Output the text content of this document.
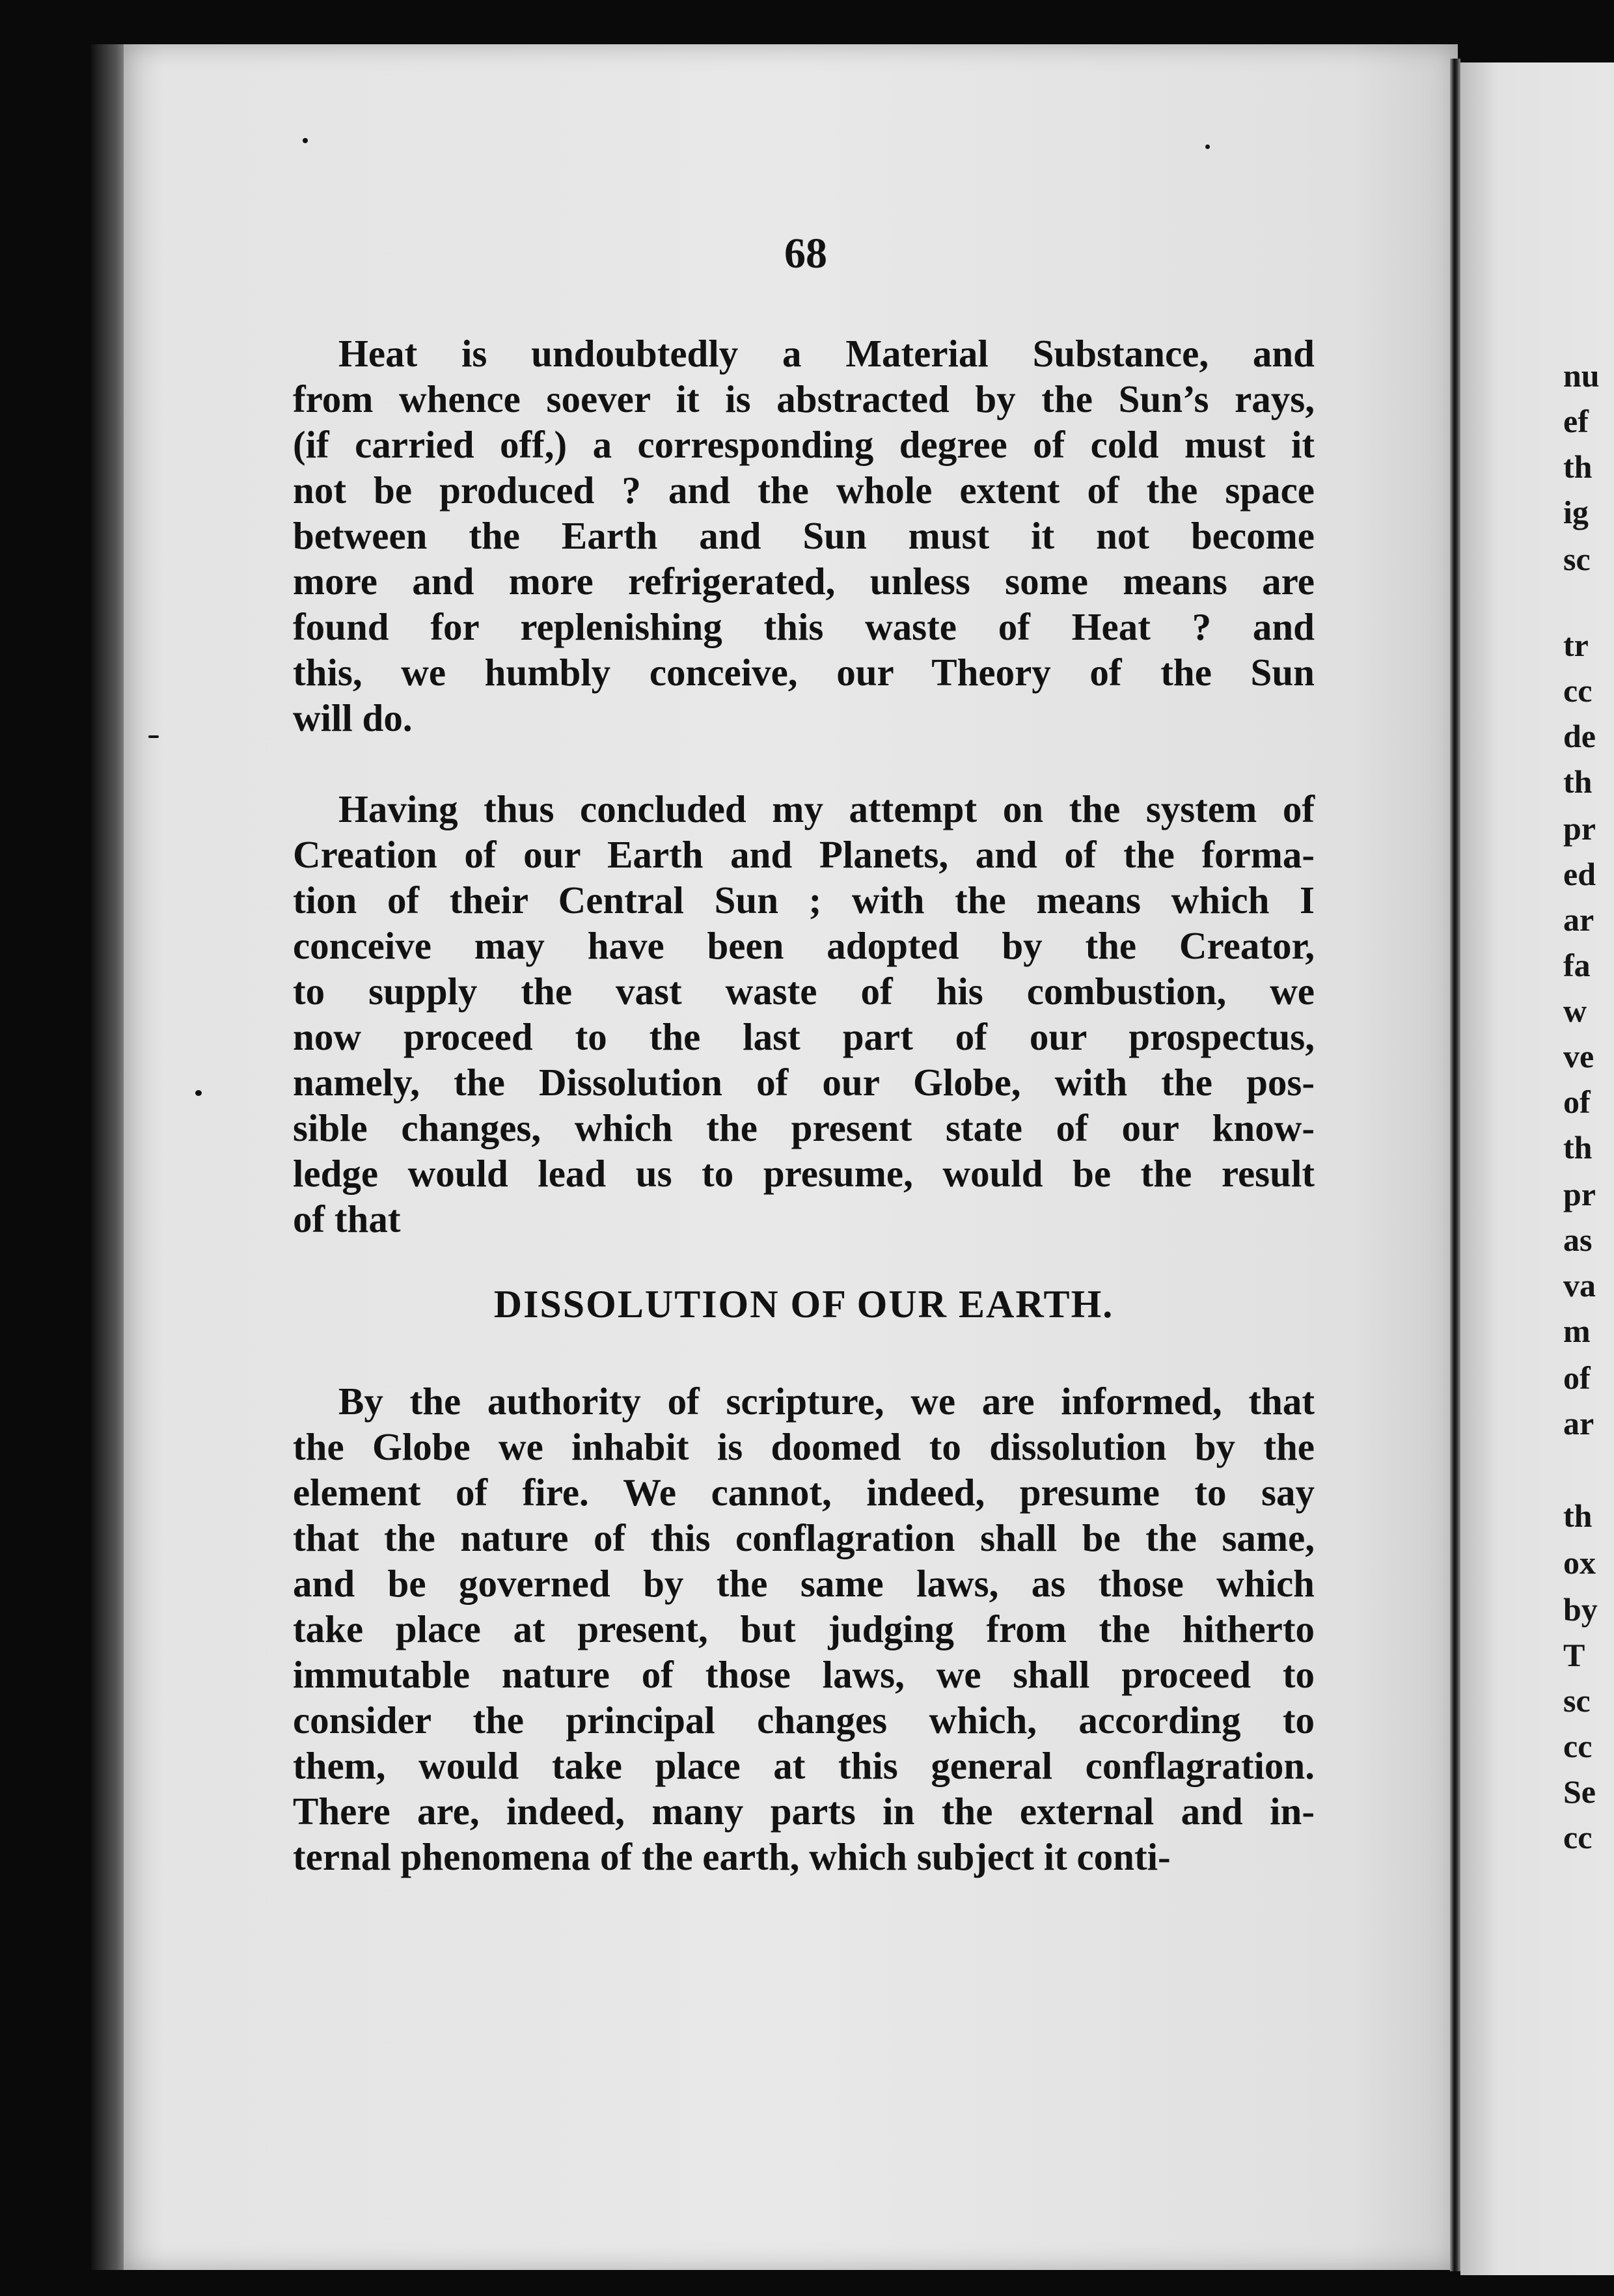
68
Heat is undoubtedly a Material Substance, and
from whence soever it is abstracted by the Sun’s rays,
(if carried off,) a corresponding degree of cold must it
not be produced ? and the whole extent of the space
between the Earth and Sun must it not become
more and more refrigerated, unless some means are
found for replenishing this waste of Heat ? and
this, we humbly conceive, our Theory of the Sun
will do.
Having thus concluded my attempt on the system of
Creation of our Earth and Planets, and of the forma-
tion of their Central Sun ; with the means which I
conceive may have been adopted by the Creator,
to supply the vast waste of his combustion, we
now proceed to the last part of our prospectus,
namely, the Dissolution of our Globe, with the pos-
sible changes, which the present state of our know-
ledge would lead us to presume, would be the result
of that
DISSOLUTION OF OUR EARTH.
By the authority of scripture, we are informed, that
the Globe we inhabit is doomed to dissolution by the
element of fire. We cannot, indeed, presume to say
that the nature of this conflagration shall be the same,
and be governed by the same laws, as those which
take place at present, but judging from the hitherto
immutable nature of those laws, we shall proceed to
consider the principal changes which, according to
them, would take place at this general conflagration.
There are, indeed, many parts in the external and in-
ternal phenomena of the earth, which subject it conti-
nu
ef
th
ig
sc
tr
cc
de
th
pr
ed
ar
fa
w
ve
of
th
pr
as
va
m
of
ar
th
ox
by
T
sc
cc
Se
cc
